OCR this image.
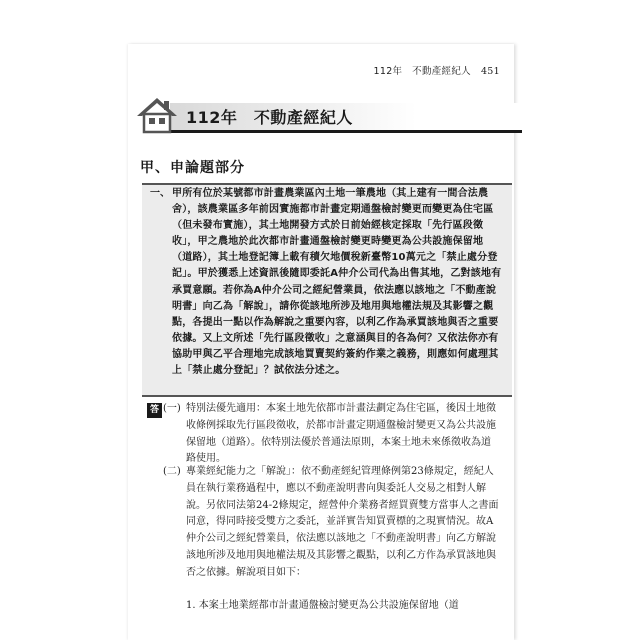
112年　不動產經紀人 451
112年　不動產經紀人
甲、申論題部分
一、 甲所有位於某號都市計畫農業區內土地一筆農地（其上建有一間合法農舍），該農業區多年前因實施都市計畫定期通盤檢討變更而變更為住宅區（但未發布實施），其土地開發方式於日前始經核定採取「先行區段徵收」，甲之農地於此次都市計畫通盤檢討變更時變更為公共設施保留地（道路），其土地登記簿上載有積欠地價稅新臺幣10萬元之「禁止處分登記」。甲於獲悉上述資訊後隨即委託A仲介公司代為出售其地，乙對該地有承買意願。若你為A仲介公司之經紀營業員，依法應以該地之「不動產說明書」向乙為「解說」，請你從該地所涉及地用與地權法規及其影響之觀點，各提出一點以作為解說之重要內容，以利乙作為承買該地與否之重要依據。又上文所述「先行區段徵收」之意涵與目的各為何？又依法你亦有協助甲與乙平合理地完成該地買賣契約簽約作業之義務，則應如何處理其上「禁止處分登記」？試依法分述之。

答 (一) 特別法優先適用：本案土地先依都市計畫法劃定為住宅區，後因土地徵收條例採取先行區段徵收，於都市計畫定期通盤檢討變更又為公共設施保留地（道路）。依特別法優於普通法原則，本案土地未來係徵收為道路使用。

(二) 專業經紀能力之「解說」：依不動產經紀管理條例第23條規定，經紀人員在執行業務過程中，應以不動產說明書向與委託人交易之相對人解說。另依同法第24-2條規定，經營仲介業務者經買賣雙方當事人之書面同意，得同時接受雙方之委託，並詳實告知買賣標的之現實情況。故A仲介公司之經紀營業員，依法應以該地之「不動產說明書」向乙方解說該地所涉及地用與地權法規及其影響之觀點，以利乙方作為承買該地與否之依據。解說項目如下：

1. 本案土地業經都市計畫通盤檢討變更為公共設施保留地（道
